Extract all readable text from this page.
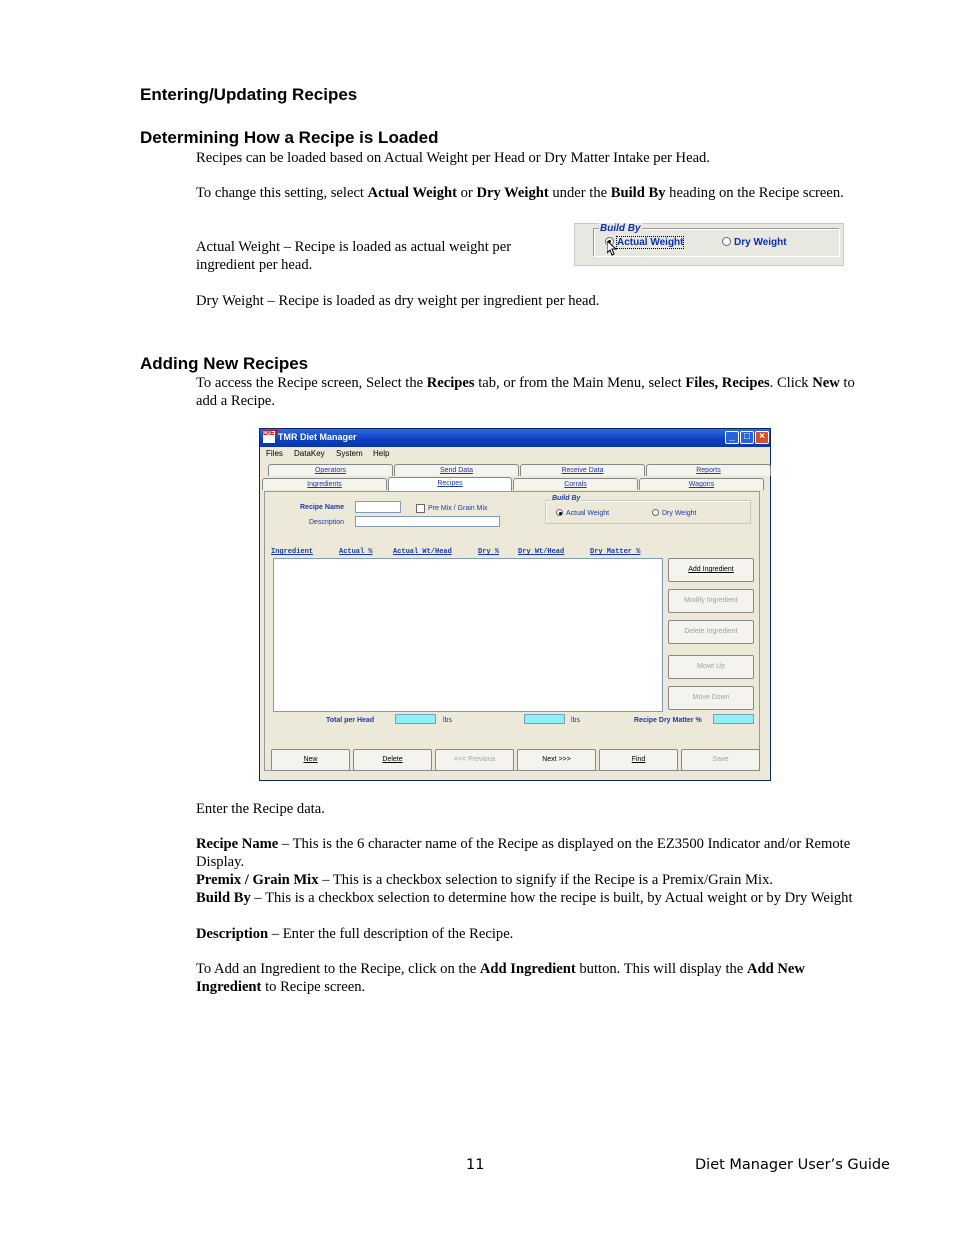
Entering/Updating Recipes
Determining How a Recipe is Loaded

Recipes can be loaded based on Actual Weight per Head or Dry Matter Intake per Head.

To change this setting, select Actual Weight or Dry Weight under the Build By heading on the Recipe screen.

Actual Weight – Recipe is loaded as actual weight per ingredient per head.

Build By
Actual Weight	Dry Weight

Dry Weight – Recipe is loaded as dry weight per ingredient per head.

Adding New Recipes

To access the Recipe screen, Select the Recipes tab, or from the Main Menu, select Files, Recipes. Click New to add a Recipe.

DIET TMR Diet Manager	_ □ ×
Files DataKey System Help
Operators	Send Data	Receive Data	Reports
Ingredients	Recipes	Corrals	Wagons
Recipe Name
Description
Pre Mix / Grain Mix
Build By
Actual Weight	Dry Weight
Ingredient	Actual %	Actual Wt/Head	Dry %	Dry Wt/Head	Dry Matter %
Add Ingredient
Modify Ingredient
Delete Ingredient
Move Up
Move Down
Total per Head	lbs	lbs	Recipe Dry Matter %
New	Delete	<<< Previous	Next >>>	Find	Save

Enter the Recipe data.

Recipe Name – This is the 6 character name of the Recipe as displayed on the EZ3500 Indicator and/or Remote Display.

Premix / Grain Mix – This is a checkbox selection to signify if the Recipe is a Premix/Grain Mix.

Build By – This is a checkbox selection to determine how the recipe is built, by Actual weight or by Dry Weight

Description – Enter the full description of the Recipe.

To Add an Ingredient to the Recipe, click on the Add Ingredient button. This will display the Add New Ingredient to Recipe screen.

11	Diet Manager User’s Guide
